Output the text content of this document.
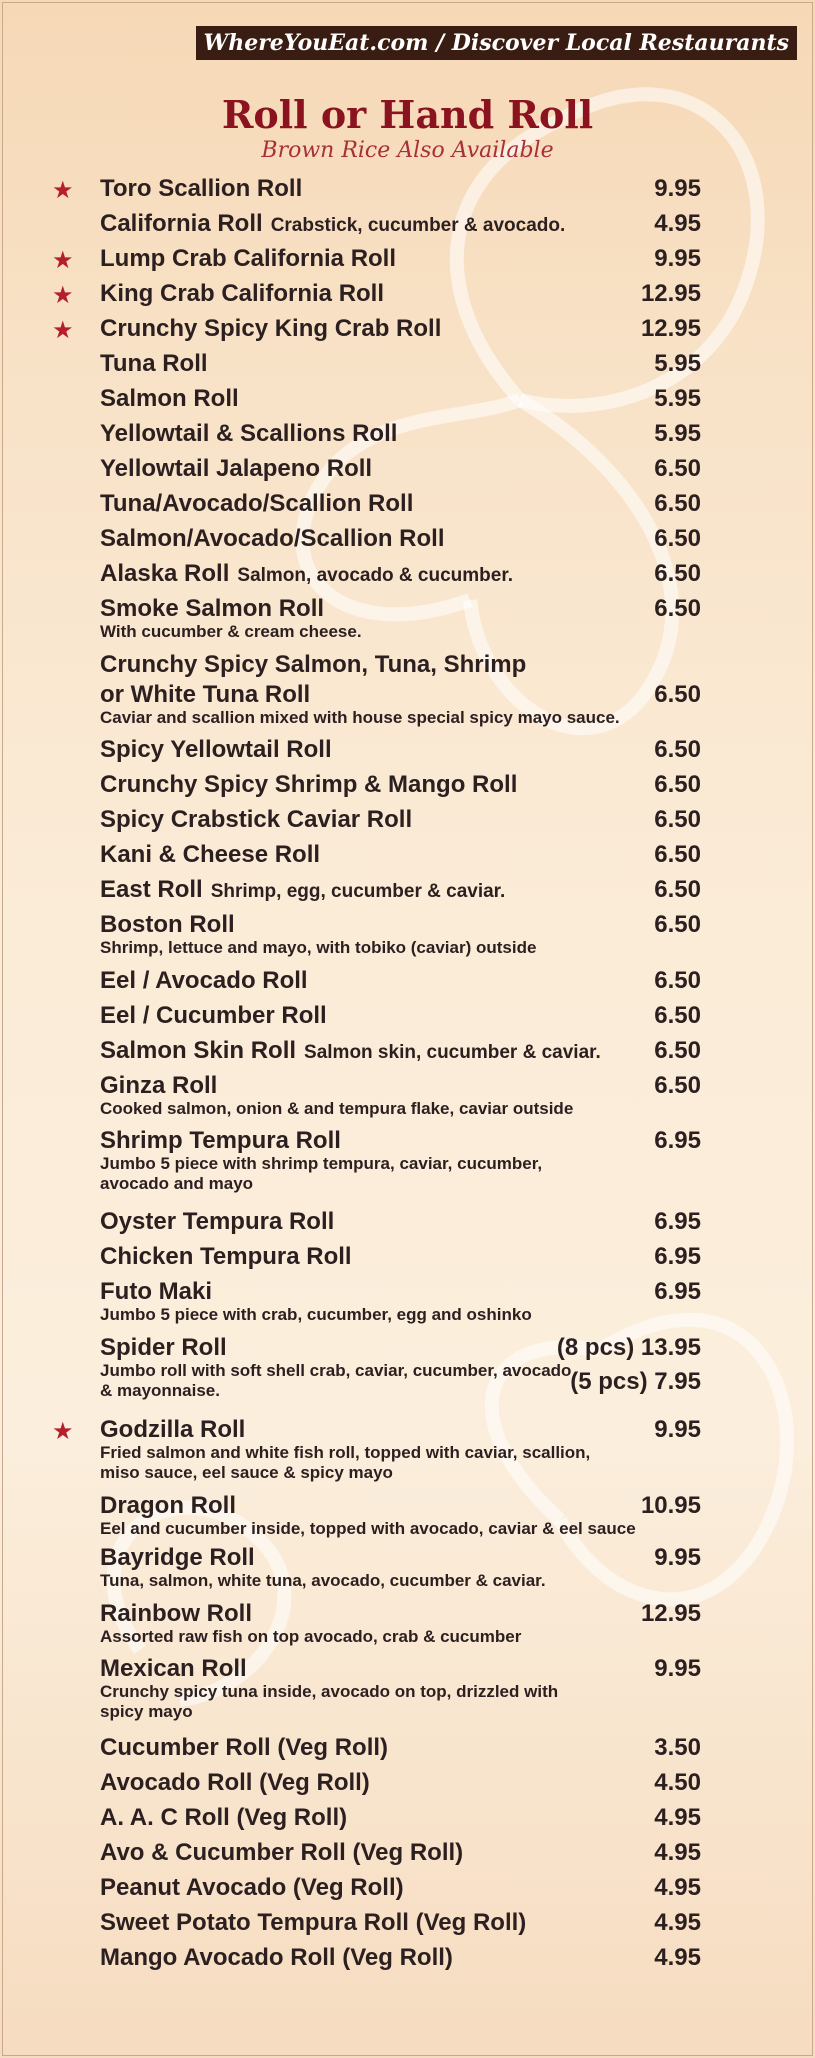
WhereYouEat.com / Discover Local Restaurants
Roll or Hand Roll
Brown Rice Also Available
★ Toro Scallion Roll	9.95
California Roll Crabstick, cucumber & avocado.	4.95
★ Lump Crab California Roll	9.95
★ King Crab California Roll	12.95
★ Crunchy Spicy King Crab Roll	12.95
Tuna Roll	5.95
Salmon Roll	5.95
Yellowtail & Scallions Roll	5.95
Yellowtail Jalapeno Roll	6.50
Tuna/Avocado/Scallion Roll	6.50
Salmon/Avocado/Scallion Roll	6.50
Alaska Roll Salmon, avocado & cucumber.	6.50
Smoke Salmon Roll	6.50
With cucumber & cream cheese.
Crunchy Spicy Salmon, Tuna, Shrimp or White Tuna Roll	6.50
Caviar and scallion mixed with house special spicy mayo sauce.
Spicy Yellowtail Roll	6.50
Crunchy Spicy Shrimp & Mango Roll	6.50
Spicy Crabstick Caviar Roll	6.50
Kani & Cheese Roll	6.50
East Roll Shrimp, egg, cucumber & caviar.	6.50
Boston Roll	6.50
Shrimp, lettuce and mayo, with tobiko (caviar) outside
Eel / Avocado Roll	6.50
Eel / Cucumber Roll	6.50
Salmon Skin Roll Salmon skin, cucumber & caviar. 6.50
Ginza Roll	6.50
Cooked salmon, onion & and tempura flake, caviar outside
Shrimp Tempura Roll	6.95
Jumbo 5 piece with shrimp tempura, caviar, cucumber,
avocado and mayo
Oyster Tempura Roll	6.95
Chicken Tempura Roll	6.95
Futo Maki	6.95
Jumbo 5 piece with crab, cucumber, egg and oshinko
Spider Roll	(8 pcs) 13.95
Jumbo roll with soft shell crab, caviar, cucumber, avocado
& mayonnaise.	(5 pcs) 7.95
★ Godzilla Roll	9.95
Fried salmon and white fish roll, topped with caviar, scallion,
miso sauce, eel sauce & spicy mayo
Dragon Roll	10.95
Eel and cucumber inside, topped with avocado, caviar & eel sauce
Bayridge Roll	9.95
Tuna, salmon, white tuna, avocado, cucumber & caviar.
Rainbow Roll	12.95
Assorted raw fish on top avocado, crab & cucumber
Mexican Roll	9.95
Crunchy spicy tuna inside, avocado on top, drizzled with
spicy mayo
Cucumber Roll (Veg Roll)	3.50
Avocado Roll (Veg Roll)	4.50
A. A. C Roll (Veg Roll)	4.95
Avo & Cucumber Roll (Veg Roll)	4.95
Peanut Avocado (Veg Roll)	4.95
Sweet Potato Tempura Roll (Veg Roll)	4.95
Mango Avocado Roll (Veg Roll)	4.95
